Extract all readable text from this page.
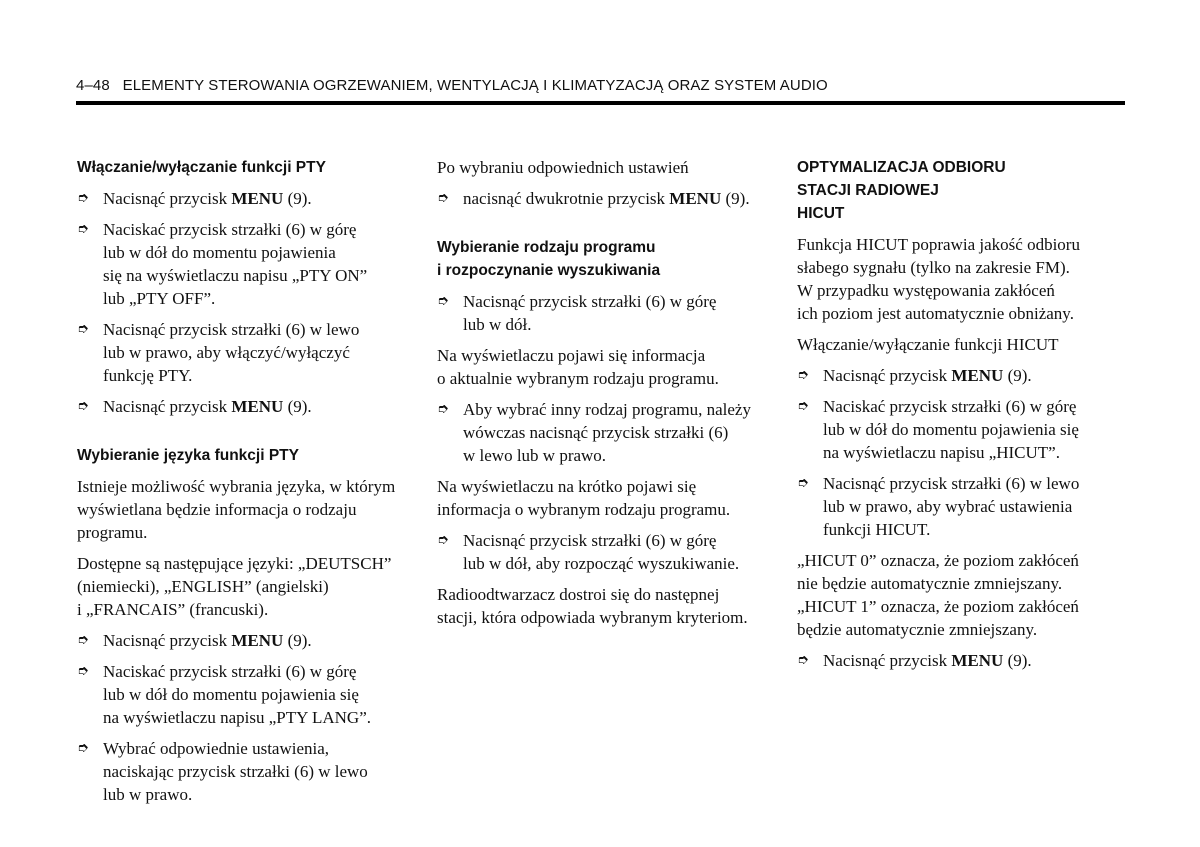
4–48 ELEMENTY STEROWANIA OGRZEWANIEM, WENTYLACJĄ I KLIMATYZACJĄ ORAZ SYSTEM AUDIO
Włączanie/wyłączanie funkcji PTY
➮ Nacisnąć przycisk MENU (9).
➮ Naciskać przycisk strzałki (6) w górę
lub w dół do momentu pojawienia
się na wyświetlaczu napisu „PTY ON”
lub „PTY OFF”.
➮ Nacisnąć przycisk strzałki (6) w lewo
lub w prawo, aby włączyć/wyłączyć
funkcję PTY.
➮ Nacisnąć przycisk MENU (9).
Wybieranie języka funkcji PTY
Istnieje możliwość wybrania języka, w którym
wyświetlana będzie informacja o rodzaju
programu.
Dostępne są następujące języki: „DEUTSCH”
(niemiecki), „ENGLISH” (angielski)
i „FRANCAIS” (francuski).
➮ Nacisnąć przycisk MENU (9).
➮ Naciskać przycisk strzałki (6) w górę
lub w dół do momentu pojawienia się
na wyświetlaczu napisu „PTY LANG”.
➮ Wybrać odpowiednie ustawienia,
naciskając przycisk strzałki (6) w lewo
lub w prawo.
Po wybraniu odpowiednich ustawień
➮ nacisnąć dwukrotnie przycisk MENU (9).
Wybieranie rodzaju programu
i rozpoczynanie wyszukiwania
➮ Nacisnąć przycisk strzałki (6) w górę
lub w dół.
Na wyświetlaczu pojawi się informacja
o aktualnie wybranym rodzaju programu.
➮ Aby wybrać inny rodzaj programu, należy
wówczas nacisnąć przycisk strzałki (6)
w lewo lub w prawo.
Na wyświetlaczu na krótko pojawi się
informacja o wybranym rodzaju programu.
➮ Nacisnąć przycisk strzałki (6) w górę
lub w dół, aby rozpocząć wyszukiwanie.
Radioodtwarzacz dostroi się do następnej
stacji, która odpowiada wybranym kryteriom.
OPTYMALIZACJA ODBIORU
STACJI RADIOWEJ
HICUT
Funkcja HICUT poprawia jakość odbioru
słabego sygnału (tylko na zakresie FM).
W przypadku występowania zakłóceń
ich poziom jest automatycznie obniżany.
Włączanie/wyłączanie funkcji HICUT
➮ Nacisnąć przycisk MENU (9).
➮ Naciskać przycisk strzałki (6) w górę
lub w dół do momentu pojawienia się
na wyświetlaczu napisu „HICUT”.
➮ Nacisnąć przycisk strzałki (6) w lewo
lub w prawo, aby wybrać ustawienia
funkcji HICUT.
„HICUT 0” oznacza, że poziom zakłóceń
nie będzie automatycznie zmniejszany.
„HICUT 1” oznacza, że poziom zakłóceń
będzie automatycznie zmniejszany.
➮ Nacisnąć przycisk MENU (9).
